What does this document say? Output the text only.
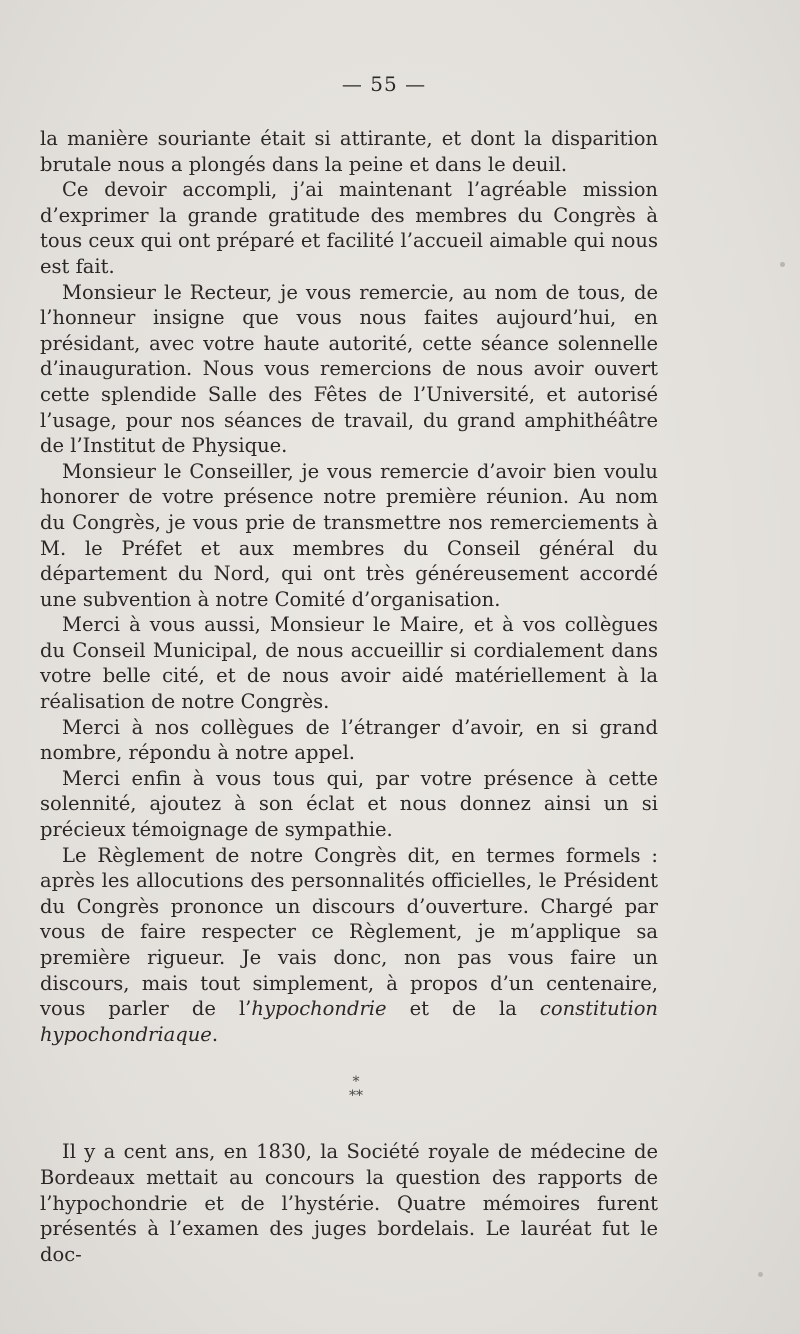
— 55 —

la manière souriante était si attirante, et dont la disparition brutale nous a plongés dans la peine et dans le deuil.

Ce devoir accompli, j’ai maintenant l’agréable mission d’exprimer la grande gratitude des membres du Congrès à tous ceux qui ont préparé et facilité l’accueil aimable qui nous est fait.

Monsieur le Recteur, je vous remercie, au nom de tous, de l’honneur insigne que vous nous faites aujourd’hui, en présidant, avec votre haute autorité, cette séance solennelle d’inauguration. Nous vous remercions de nous avoir ouvert cette splendide Salle des Fêtes de l’Université, et autorisé l’usage, pour nos séances de travail, du grand amphithéâtre de l’Institut de Physique.

Monsieur le Conseiller, je vous remercie d’avoir bien voulu honorer de votre présence notre première réunion. Au nom du Congrès, je vous prie de transmettre nos remerciements à M. le Préfet et aux membres du Conseil général du département du Nord, qui ont très généreusement accordé une subvention à notre Comité d’organisation.

Merci à vous aussi, Monsieur le Maire, et à vos collègues du Conseil Municipal, de nous accueillir si cordialement dans votre belle cité, et de nous avoir aidé matériellement à la réalisation de notre Congrès.

Merci à nos collègues de l’étranger d’avoir, en si grand nombre, répondu à notre appel.

Merci enfin à vous tous qui, par votre présence à cette solennité, ajoutez à son éclat et nous donnez ainsi un si précieux témoignage de sympathie.

Le Règlement de notre Congrès dit, en termes formels : après les allocutions des personnalités officielles, le Président du Congrès prononce un discours d’ouverture. Chargé par vous de faire respecter ce Règlement, je m’applique sa première rigueur. Je vais donc, non pas vous faire un discours, mais tout simplement, à propos d’un centenaire, vous parler de l’hypochondrie et de la constitution hypochondriaque.

*
**

Il y a cent ans, en 1830, la Société royale de médecine de Bordeaux mettait au concours la question des rapports de l’hypochondrie et de l’hystérie. Quatre mémoires furent présentés à l’examen des juges bordelais. Le lauréat fut le doc-
